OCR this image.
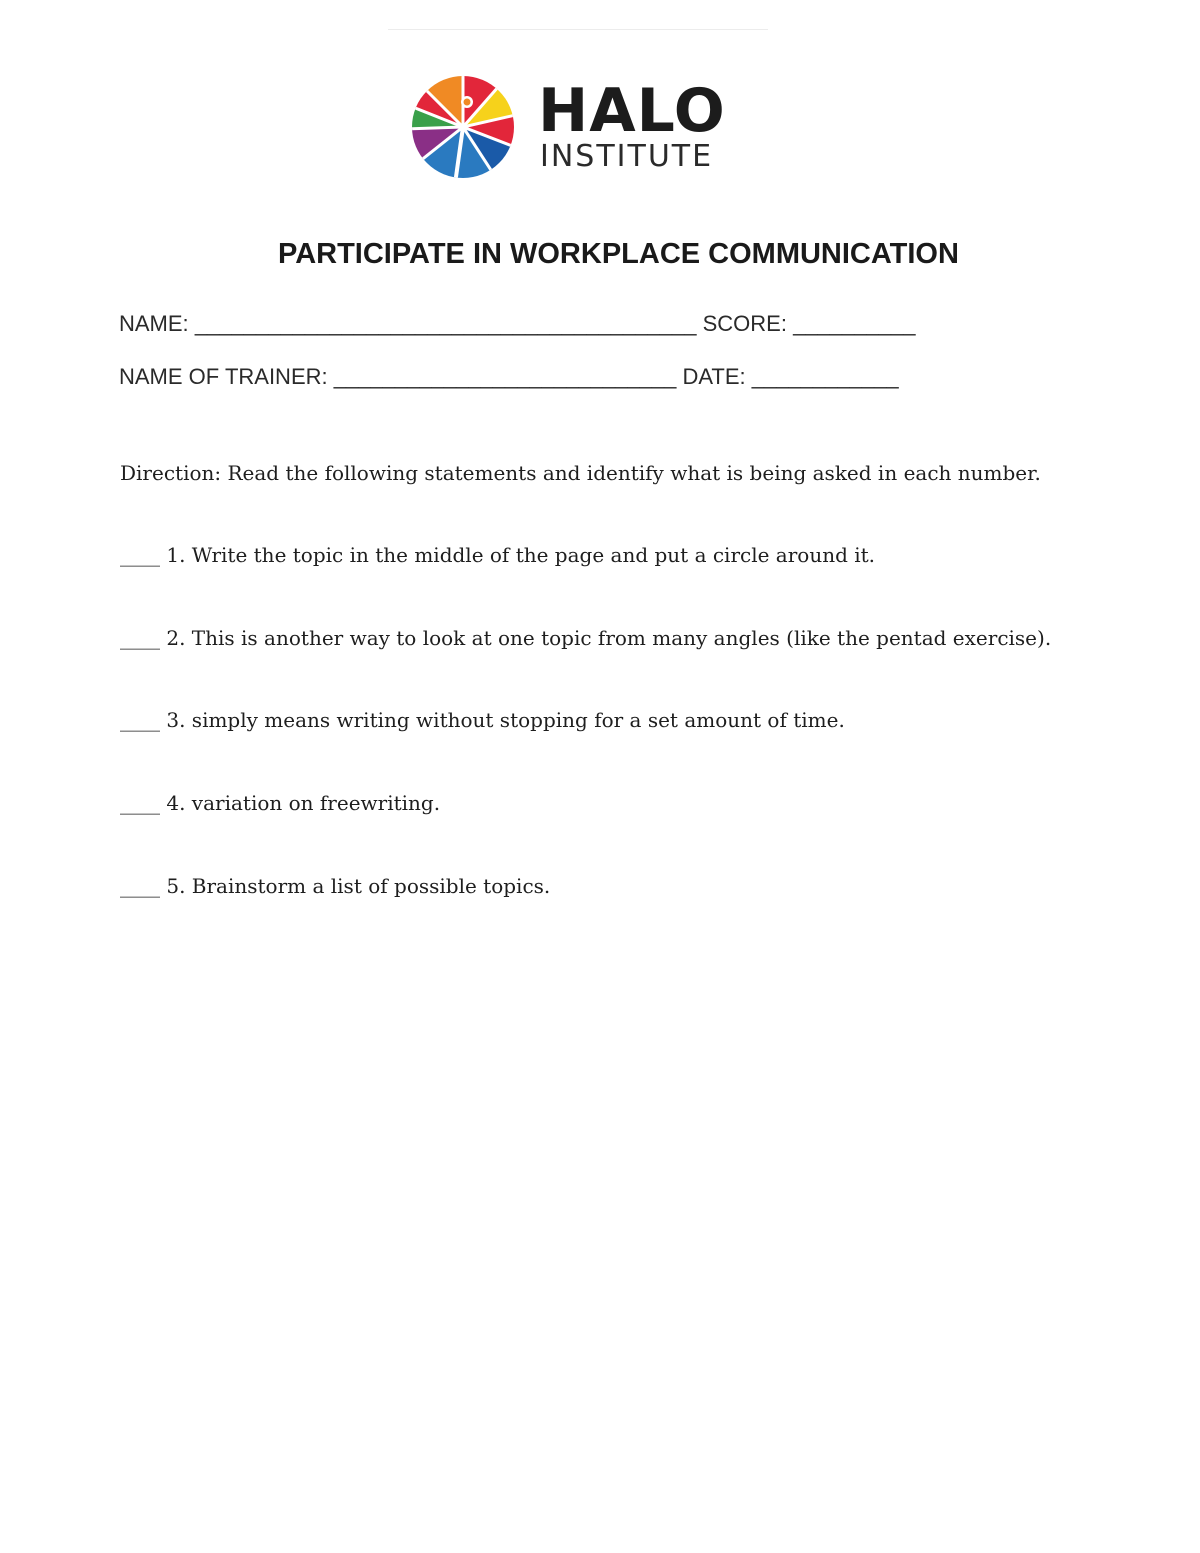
HALO
INSTITUTE
PARTICIPATE IN WORKPLACE COMMUNICATION
NAME: _________________________________________ SCORE: __________
NAME OF TRAINER: ____________________________ DATE: ____________
Direction: Read the following statements and identify what is being asked in each number.
____ 1. Write the topic in the middle of the page and put a circle around it.
____ 2. This is another way to look at one topic from many angles (like the pentad exercise).
____ 3. simply means writing without stopping for a set amount of time.
____ 4. variation on freewriting.
____ 5. Brainstorm a list of possible topics.
